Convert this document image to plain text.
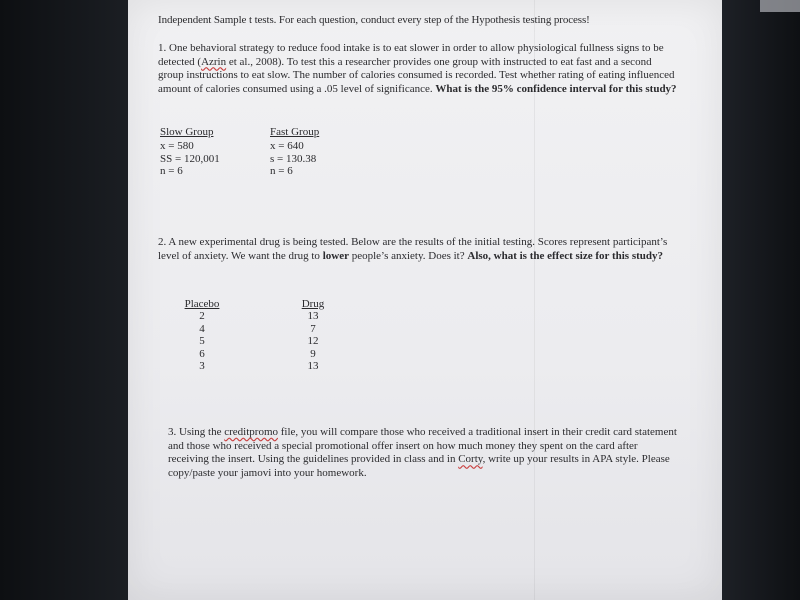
Independent Sample t tests. For each question, conduct every step of the Hypothesis testing process!
1. One behavioral strategy to reduce food intake is to eat slower in order to allow physiological fullness signs to be detected (Azrin et al., 2008). To test this a researcher provides one group with instructed to eat fast and a second group instructions to eat slow. The number of calories consumed is recorded. Test whether rating of eating influenced amount of calories consumed using a .05 level of significance. What is the 95% confidence interval for this study?
Slow Group
x = 580
SS = 120,001
n = 6
Fast Group
x = 640
s = 130.38
n = 6
2. A new experimental drug is being tested. Below are the results of the initial testing. Scores represent participant’s level of anxiety. We want the drug to lower people’s anxiety. Does it? Also, what is the effect size for this study?
Placebo
2
4
5
6
3
Drug
13
7
12
9
13
3. Using the creditpromo file, you will compare those who received a traditional insert in their credit card statement and those who received a special promotional offer insert on how much money they spent on the card after receiving the insert. Using the guidelines provided in class and in Corty, write up your results in APA style. Please copy/paste your jamovi into your homework.
